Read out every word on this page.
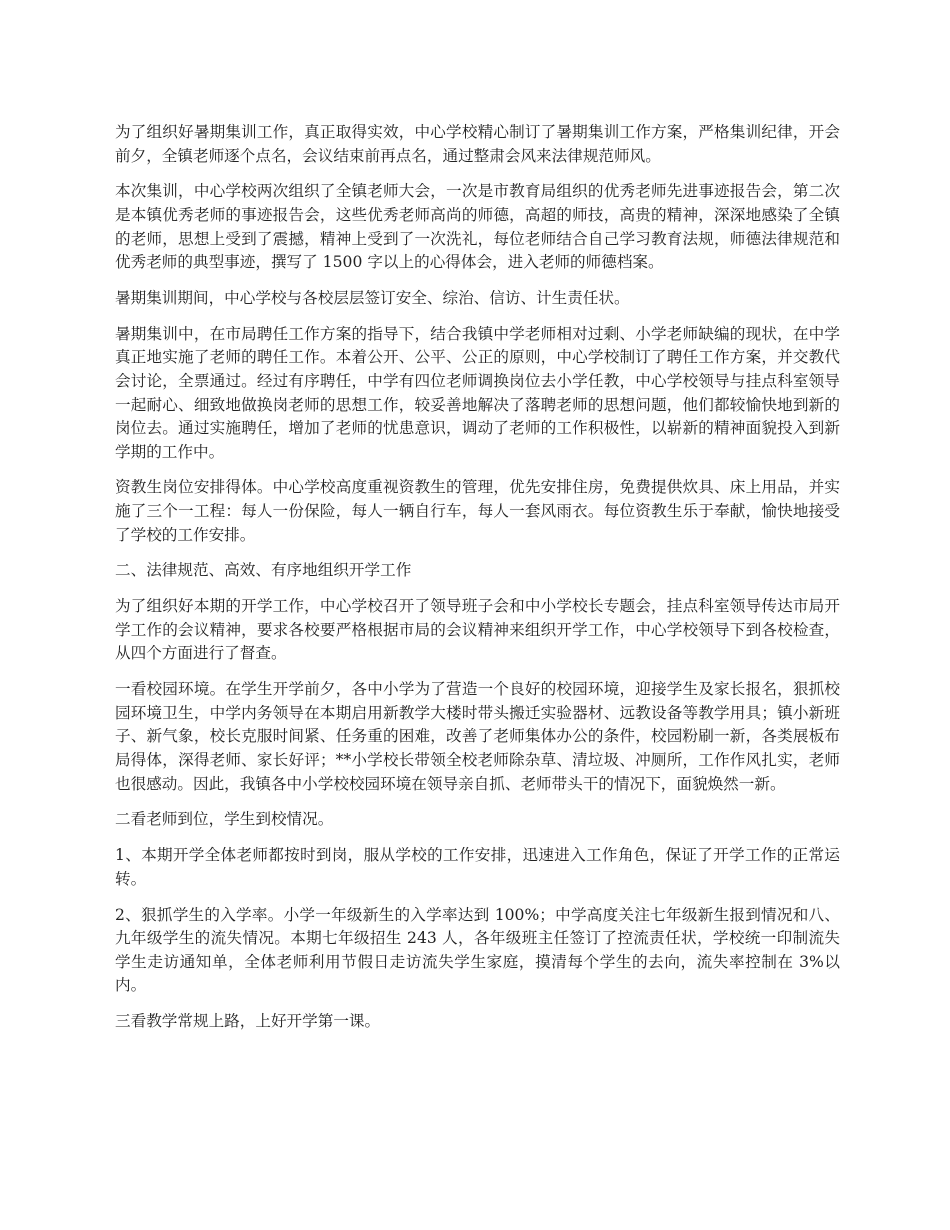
为了组织好暑期集训工作，真正取得实效，中心学校精心制订了暑期集训工作方案，严格集训纪律，开会前夕，全镇老师逐个点名，会议结束前再点名，通过整肃会风来法律规范师风。

本次集训，中心学校两次组织了全镇老师大会，一次是市教育局组织的优秀老师先进事迹报告会，第二次是本镇优秀老师的事迹报告会，这些优秀老师高尚的师德，高超的师技，高贵的精神，深深地感染了全镇的老师，思想上受到了震撼，精神上受到了一次洗礼，每位老师结合自己学习教育法规，师德法律规范和优秀老师的典型事迹，撰写了 1500 字以上的心得体会，进入老师的师德档案。

暑期集训期间，中心学校与各校层层签订安全、综治、信访、计生责任状。

暑期集训中，在市局聘任工作方案的指导下，结合我镇中学老师相对过剩、小学老师缺编的现状，在中学真正地实施了老师的聘任工作。本着公开、公平、公正的原则，中心学校制订了聘任工作方案，并交教代会讨论，全票通过。经过有序聘任，中学有四位老师调换岗位去小学任教，中心学校领导与挂点科室领导一起耐心、细致地做换岗老师的思想工作，较妥善地解决了落聘老师的思想问题，他们都较愉快地到新的岗位去。通过实施聘任，增加了老师的忧患意识，调动了老师的工作积极性，以崭新的精神面貌投入到新学期的工作中。

资教生岗位安排得体。中心学校高度重视资教生的管理，优先安排住房，免费提供炊具、床上用品，并实施了三个一工程：每人一份保险，每人一辆自行车，每人一套风雨衣。每位资教生乐于奉献，愉快地接受了学校的工作安排。

二、法律规范、高效、有序地组织开学工作

为了组织好本期的开学工作，中心学校召开了领导班子会和中小学校长专题会，挂点科室领导传达市局开学工作的会议精神，要求各校要严格根据市局的会议精神来组织开学工作，中心学校领导下到各校检查，从四个方面进行了督查。

一看校园环境。在学生开学前夕，各中小学为了营造一个良好的校园环境，迎接学生及家长报名，狠抓校园环境卫生，中学内务领导在本期启用新教学大楼时带头搬迁实验器材、远教设备等教学用具；镇小新班子、新气象，校长克服时间紧、任务重的困难，改善了老师集体办公的条件，校园粉刷一新，各类展板布局得体，深得老师、家长好评；**小学校长带领全校老师除杂草、清垃圾、冲厕所，工作作风扎实，老师也很感动。因此，我镇各中小学校校园环境在领导亲自抓、老师带头干的情况下，面貌焕然一新。

二看老师到位，学生到校情况。

1、本期开学全体老师都按时到岗，服从学校的工作安排，迅速进入工作角色，保证了开学工作的正常运转。

2、狠抓学生的入学率。小学一年级新生的入学率达到 100%；中学高度关注七年级新生报到情况和八、九年级学生的流失情况。本期七年级招生 243 人，各年级班主任签订了控流责任状，学校统一印制流失学生走访通知单，全体老师利用节假日走访流失学生家庭，摸清每个学生的去向，流失率控制在 3%以内。

三看教学常规上路，上好开学第一课。
